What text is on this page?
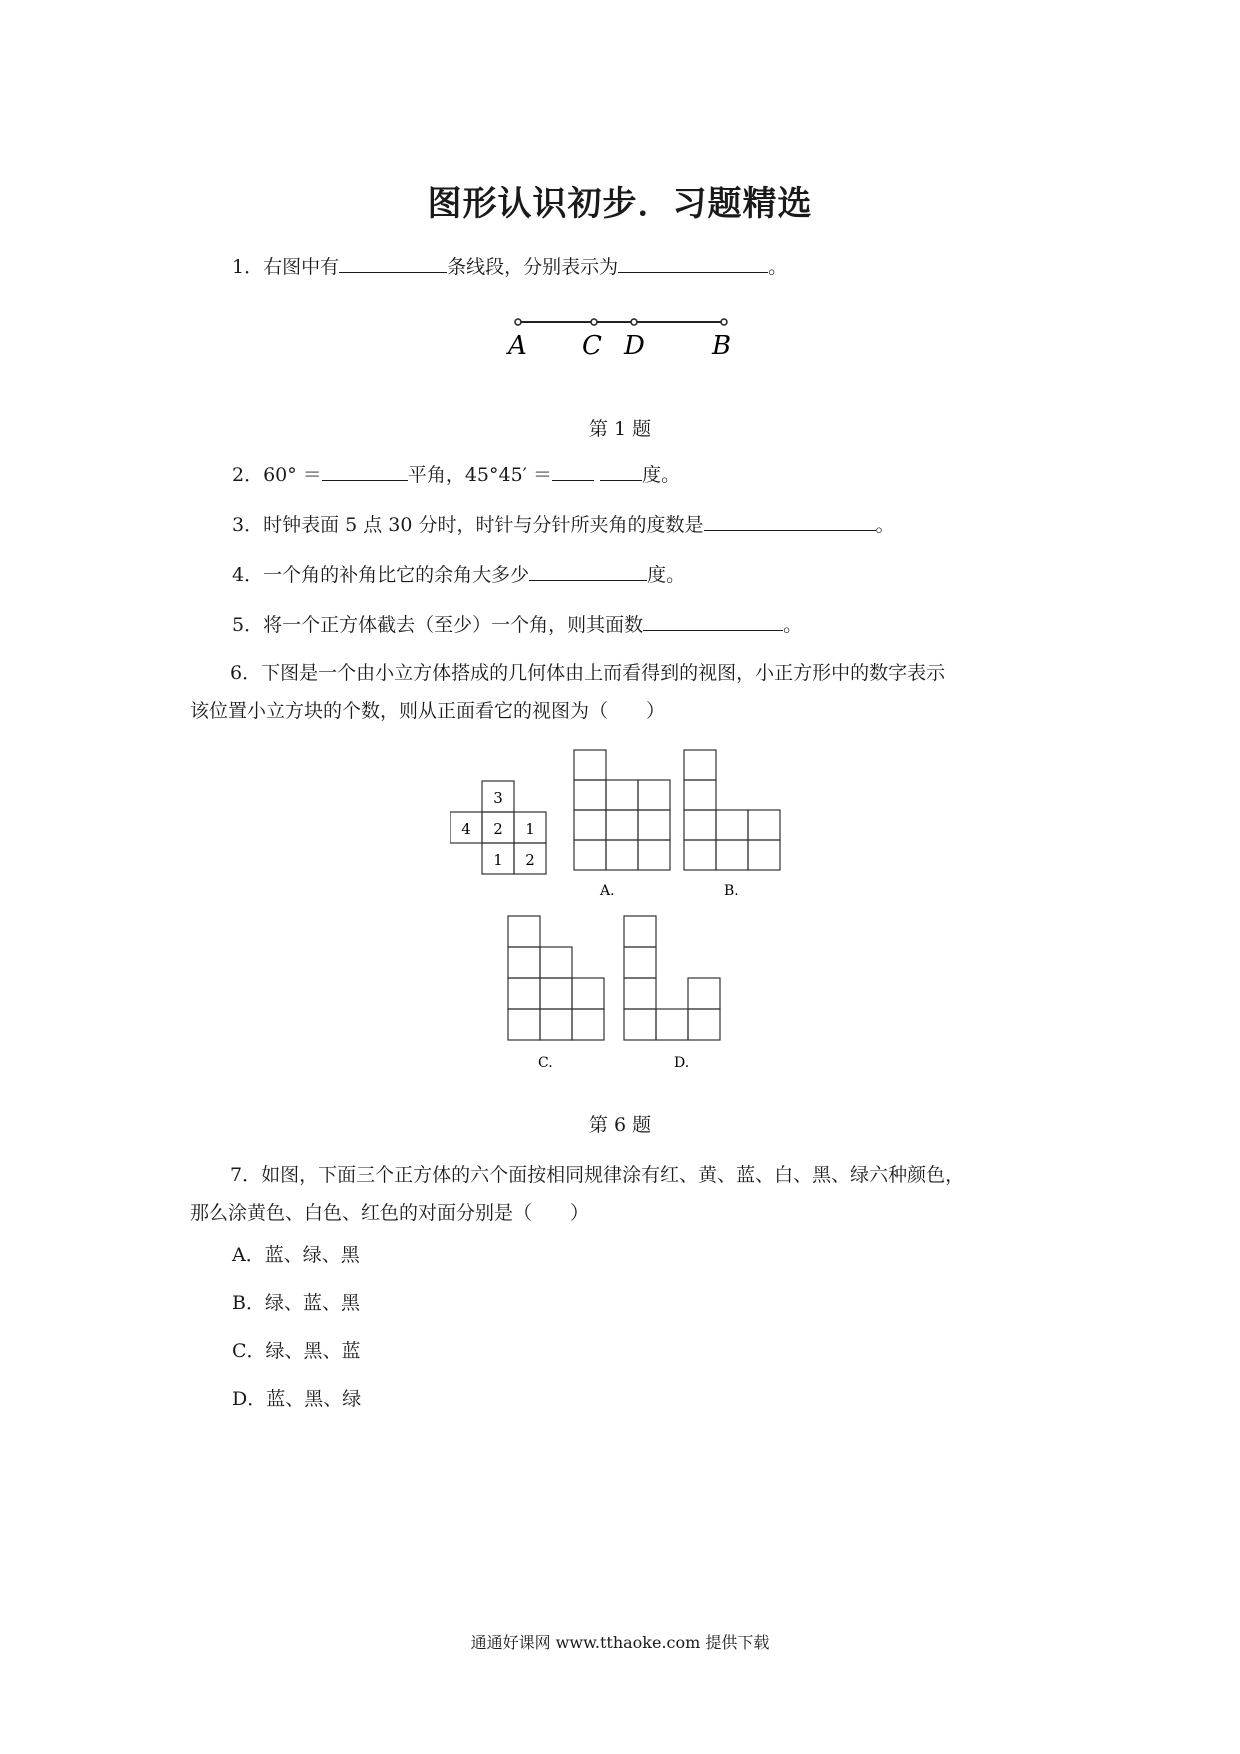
图形认识初步．习题精选
1．右图中有	条线段，分别表示为	。
A C D	B
第 1 题
2．60° ＝	平角，45°45′ ＝	度。
3．时钟表面 5 点 30 分时，时针与分针所夹角的度数是	。
4．一个角的补角比它的余角大多少	度。
5．将一个正方体截去（至少）一个角，则其面数	。
6．下图是一个由小立方体搭成的几何体由上而看得到的视图，小正方形中的数字表示
该位置小立方块的个数，则从正面看它的视图为（　　）
3
4 2 1
1 2
A.	B.
C.	D.
第 6 题
7．如图，下面三个正方体的六个面按相同规律涂有红、黄、蓝、白、黑、绿六种颜色，
那么涂黄色、白色、红色的对面分别是（　　）
A．蓝、绿、黑
B．绿、蓝、黑
C．绿、黑、蓝
D．蓝、黑、绿
通通好课网 www.tthaoke.com 提供下载
